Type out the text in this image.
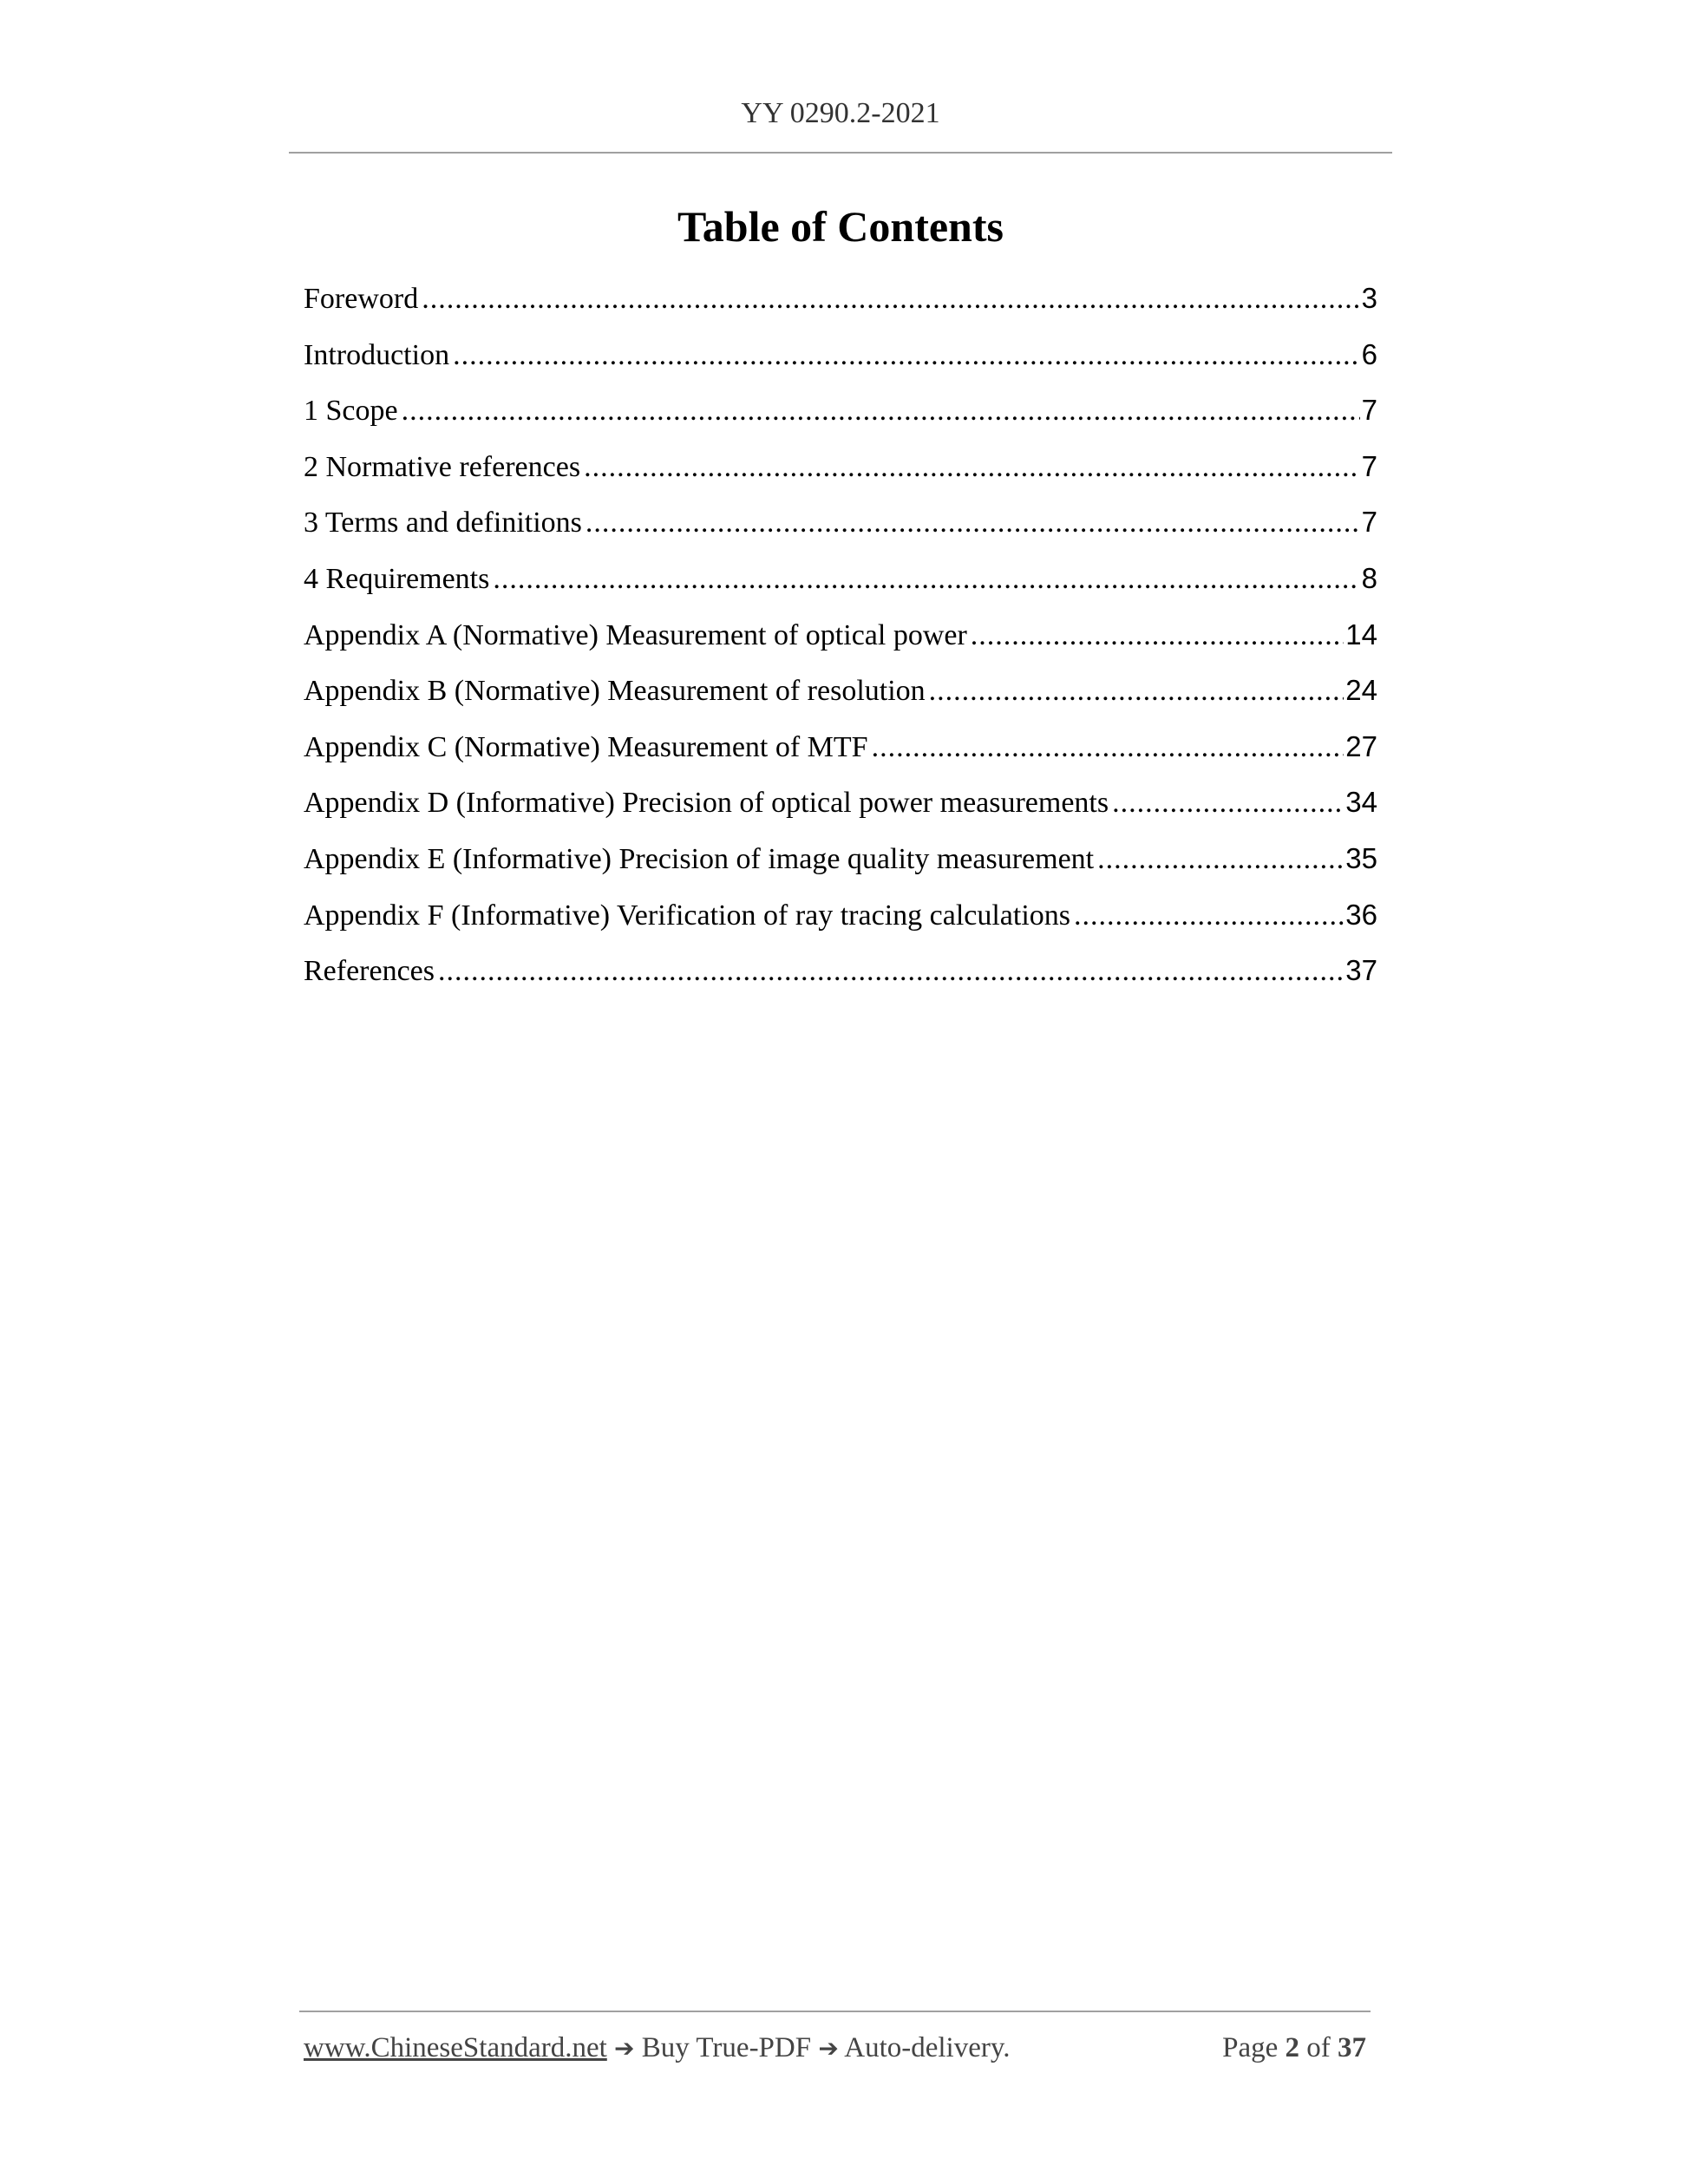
YY 0290.2-2021
Table of Contents
Foreword .....	3
Introduction .....	6
1 Scope .....	7
2 Normative references .....	7
3 Terms and definitions .....	7
4 Requirements .....	8
Appendix A (Normative) Measurement of optical power .....	14
Appendix B (Normative) Measurement of resolution .....	24
Appendix C (Normative) Measurement of MTF .....	27
Appendix D (Informative) Precision of optical power measurements .....	34
Appendix E (Informative) Precision of image quality measurement .....	35
Appendix F (Informative) Verification of ray tracing calculations .....	36
References .....	37
www.ChineseStandard.net ➔ Buy True-PDF ➔ Auto-delivery.	Page 2 of 37
